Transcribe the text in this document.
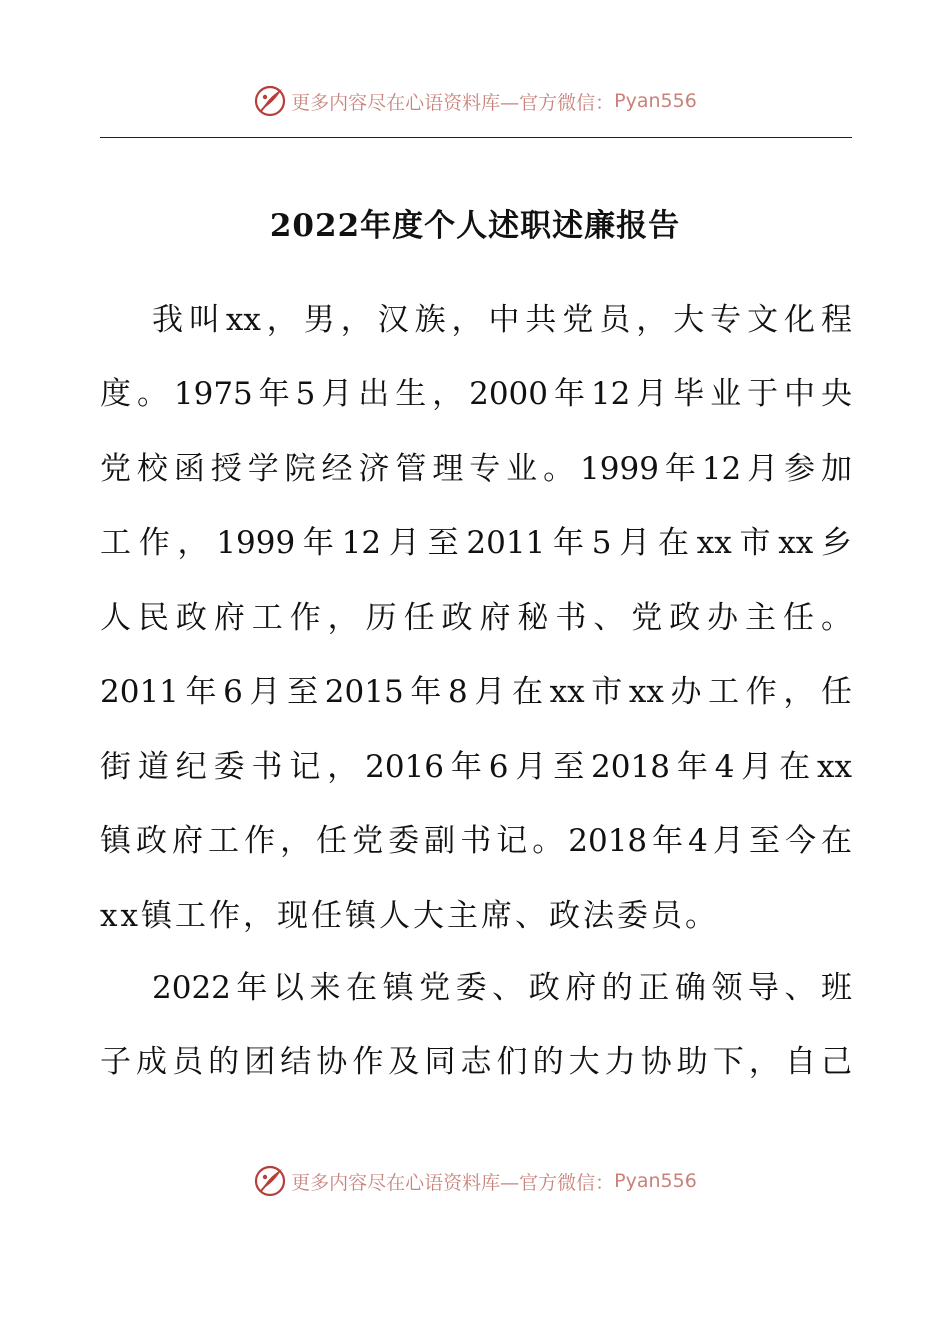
更多内容尽在心语资料库—官方微信： Pyan556
2022年度个人述职述廉报告
我叫xx，男，汉族，中共党员，大专文化程
度。1975年5月出生，2000年12月毕业于中央
党校函授学院经济管理专业。1999年12月参加
工作，1999年12月至2011年5月在xx市xx乡
人民政府工作，历任政府秘书、党政办主任。
2011年6月至2015年8月在xx市xx办工作，任
街道纪委书记，2016年6月至2018年4月在xx
镇政府工作，任党委副书记。2018年4月至今在
xx镇工作，现任镇人大主席、政法委员。
2022年以来在镇党委、政府的正确领导、班
子成员的团结协作及同志们的大力协助下，自己
更多内容尽在心语资料库—官方微信： Pyan556
